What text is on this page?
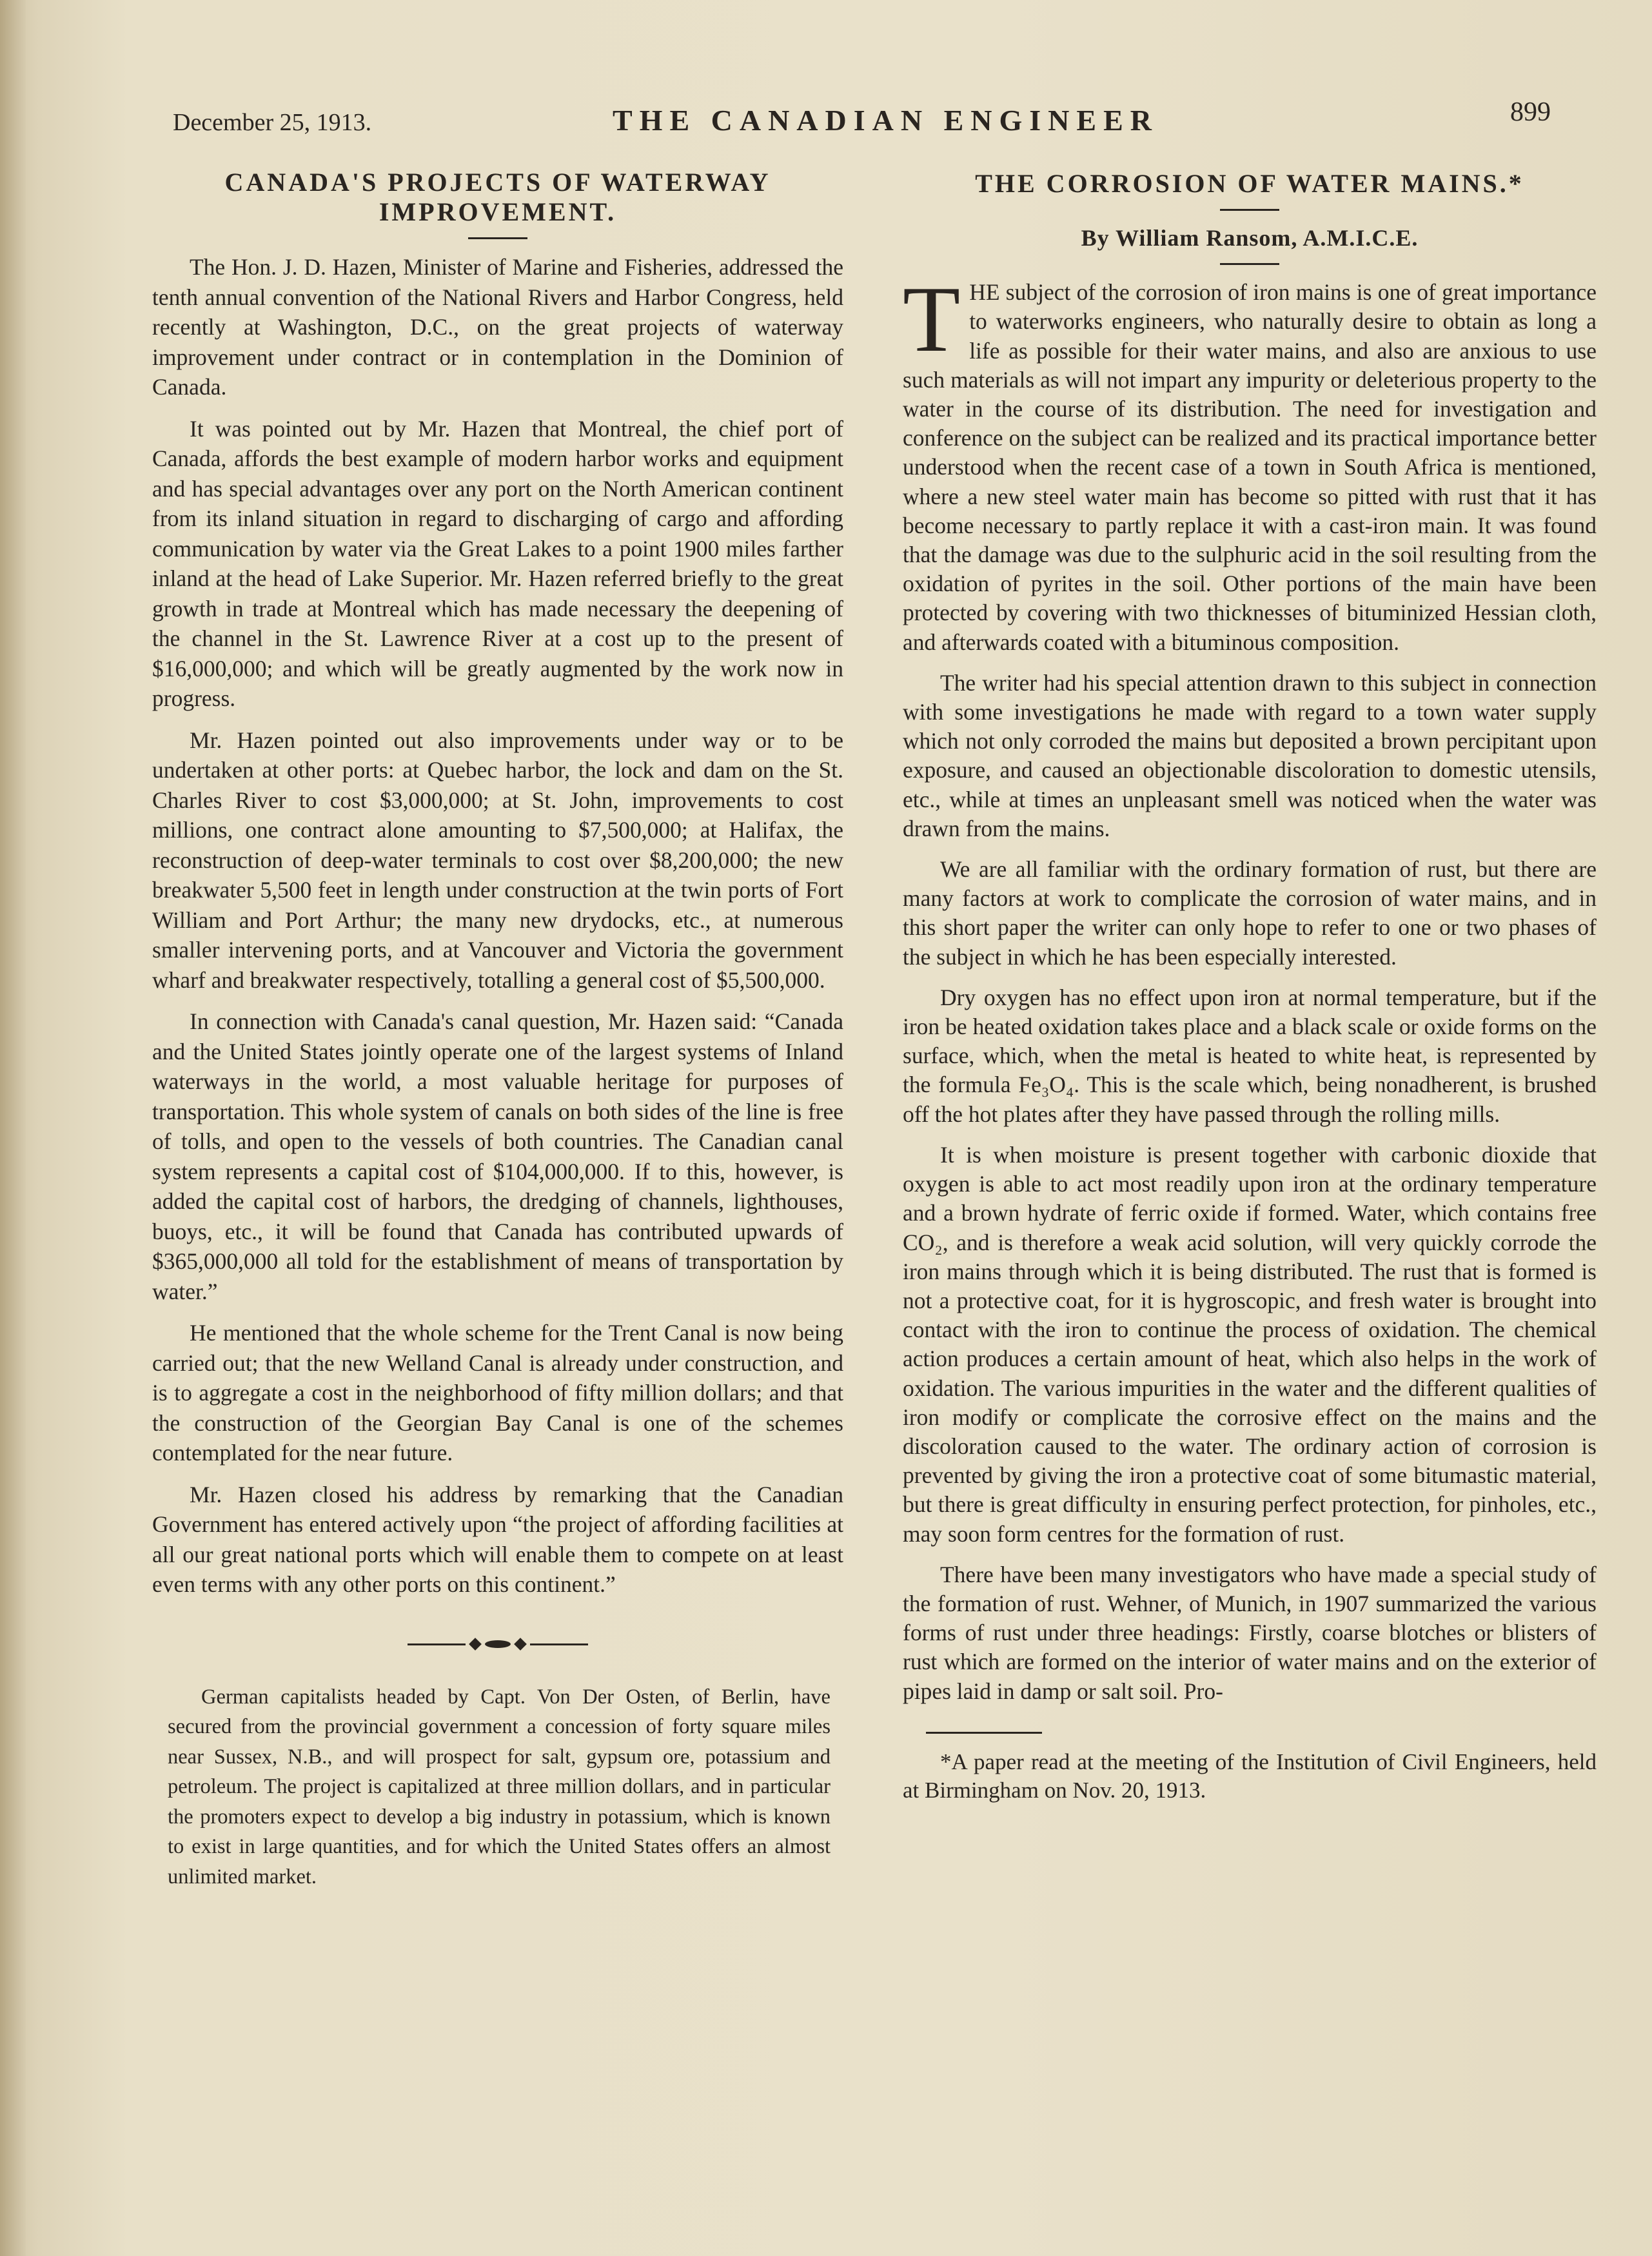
December 25, 1913.	THE CANADIAN ENGINEER	899
CANADA'S PROJECTS OF WATERWAY IMPROVEMENT.

The Hon. J. D. Hazen, Minister of Marine and Fisheries, addressed the tenth annual convention of the National Rivers and Harbor Congress, held recently at Washington, D.C., on the great projects of waterway improvement under contract or in contemplation in the Dominion of Canada.

It was pointed out by Mr. Hazen that Montreal, the chief port of Canada, affords the best example of modern harbor works and equipment and has special advantages over any port on the North American continent from its inland situation in regard to discharging of cargo and affording communication by water via the Great Lakes to a point 1900 miles farther inland at the head of Lake Superior. Mr. Hazen referred briefly to the great growth in trade at Montreal which has made necessary the deepening of the channel in the St. Lawrence River at a cost up to the present of $16,000,000; and which will be greatly augmented by the work now in progress.

Mr. Hazen pointed out also improvements under way or to be undertaken at other ports: at Quebec harbor, the lock and dam on the St. Charles River to cost $3,000,000; at St. John, improvements to cost millions, one contract alone amounting to $7,500,000; at Halifax, the reconstruction of deep-water terminals to cost over $8,200,000; the new breakwater 5,500 feet in length under construction at the twin ports of Fort William and Port Arthur; the many new drydocks, etc., at numerous smaller intervening ports, and at Vancouver and Victoria the government wharf and breakwater respectively, totalling a general cost of $5,500,000.

In connection with Canada's canal question, Mr. Hazen said: “Canada and the United States jointly operate one of the largest systems of Inland waterways in the world, a most valuable heritage for purposes of transportation. This whole system of canals on both sides of the line is free of tolls, and open to the vessels of both countries. The Canadian canal system represents a capital cost of $104,000,000. If to this, however, is added the capital cost of harbors, the dredging of channels, lighthouses, buoys, etc., it will be found that Canada has contributed upwards of $365,000,000 all told for the establishment of means of transportation by water.”

He mentioned that the whole scheme for the Trent Canal is now being carried out; that the new Welland Canal is already under construction, and is to aggregate a cost in the neighborhood of fifty million dollars; and that the construction of the Georgian Bay Canal is one of the schemes contemplated for the near future.

Mr. Hazen closed his address by remarking that the Canadian Government has entered actively upon “the project of affording facilities at all our great national ports which will enable them to compete on at least even terms with any other ports on this continent.”

German capitalists headed by Capt. Von Der Osten, of Berlin, have secured from the provincial government a concession of forty square miles near Sussex, N.B., and will prospect for salt, gypsum ore, potassium and petroleum. The project is capitalized at three million dollars, and in particular the promoters expect to develop a big industry in potassium, which is known to exist in large quantities, and for which the United States offers an almost unlimited market.

THE CORROSION OF WATER MAINS.*
By William Ransom, A.M.I.C.E.

THE subject of the corrosion of iron mains is one of great importance to waterworks engineers, who naturally desire to obtain as long a life as possible for their water mains, and also are anxious to use such materials as will not impart any impurity or deleterious property to the water in the course of its distribution. The need for investigation and conference on the subject can be realized and its practical importance better understood when the recent case of a town in South Africa is mentioned, where a new steel water main has become so pitted with rust that it has become necessary to partly replace it with a cast-iron main. It was found that the damage was due to the sulphuric acid in the soil resulting from the oxidation of pyrites in the soil. Other portions of the main have been protected by covering with two thicknesses of bituminized Hessian cloth, and afterwards coated with a bituminous composition.

The writer had his special attention drawn to this subject in connection with some investigations he made with regard to a town water supply which not only corroded the mains but deposited a brown percipitant upon exposure, and caused an objectionable discoloration to domestic utensils, etc., while at times an unpleasant smell was noticed when the water was drawn from the mains.

We are all familiar with the ordinary formation of rust, but there are many factors at work to complicate the corrosion of water mains, and in this short paper the writer can only hope to refer to one or two phases of the subject in which he has been especially interested.

Dry oxygen has no effect upon iron at normal temperature, but if the iron be heated oxidation takes place and a black scale or oxide forms on the surface, which, when the metal is heated to white heat, is represented by the formula Fe₃O₄. This is the scale which, being nonadherent, is brushed off the hot plates after they have passed through the rolling mills.

It is when moisture is present together with carbonic dioxide that oxygen is able to act most readily upon iron at the ordinary temperature and a brown hydrate of ferric oxide if formed. Water, which contains free CO₂, and is therefore a weak acid solution, will very quickly corrode the iron mains through which it is being distributed. The rust that is formed is not a protective coat, for it is hygroscopic, and fresh water is brought into contact with the iron to continue the process of oxidation. The chemical action produces a certain amount of heat, which also helps in the work of oxidation. The various impurities in the water and the different qualities of iron modify or complicate the corrosive effect on the mains and the discoloration caused to the water. The ordinary action of corrosion is prevented by giving the iron a protective coat of some bitumastic material, but there is great difficulty in ensuring perfect protection, for pinholes, etc., may soon form centres for the formation of rust.

There have been many investigators who have made a special study of the formation of rust. Wehner, of Munich, in 1907 summarized the various forms of rust under three headings: Firstly, coarse blotches or blisters of rust which are formed on the interior of water mains and on the exterior of pipes laid in damp or salt soil. Pro-

*A paper read at the meeting of the Institution of Civil Engineers, held at Birmingham on Nov. 20, 1913.
